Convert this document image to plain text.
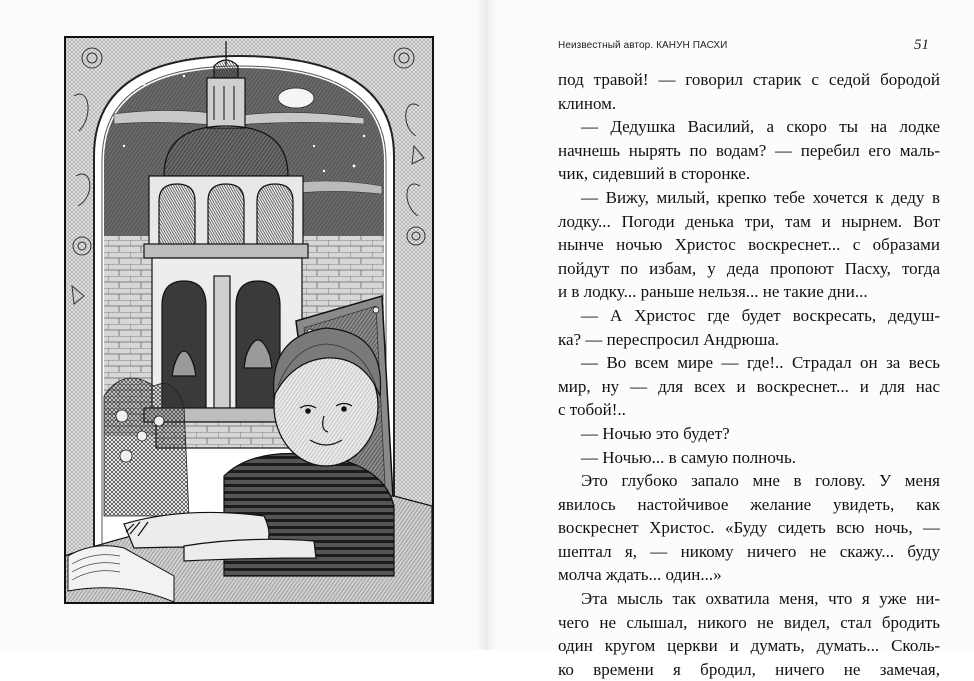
Неизвестный автор. КАНУН ПАСХИ	51
под травой! — говорил старик с седой бородой
клином.
— Дедушка Василий, а скоро ты на лодке
начнешь нырять по водам? — перебил его маль-
чик, сидевший в сторонке.
— Вижу, милый, крепко тебе хочется к деду в
лодку... Погоди денька три, там и нырнем. Вот
нынче ночью Христос воскреснет... с образами
пойдут по избам, у деда пропоют Пасху, тогда
и в лодку... раньше нельзя... не такие дни...
— А Христос где будет воскресать, дедуш-
ка? — переспросил Андрюша.
— Во всем мире — где!.. Страдал он за весь
мир, ну — для всех и воскреснет... и для нас
с тобой!..
— Ночью это будет?
— Ночью... в самую полночь.
Это глубоко запало мне в голову. У меня
явилось настойчивое желание увидеть, как
воскреснет Христос. «Буду сидеть всю ночь, —
шептал я, — никому ничего не скажу... буду
молча ждать... один...»
Эта мысль так охватила меня, что я уже ни-
чего не слышал, никого не видел, стал бродить
один кругом церкви и думать, думать... Сколь-
ко времени я бродил, ничего не замечая,
